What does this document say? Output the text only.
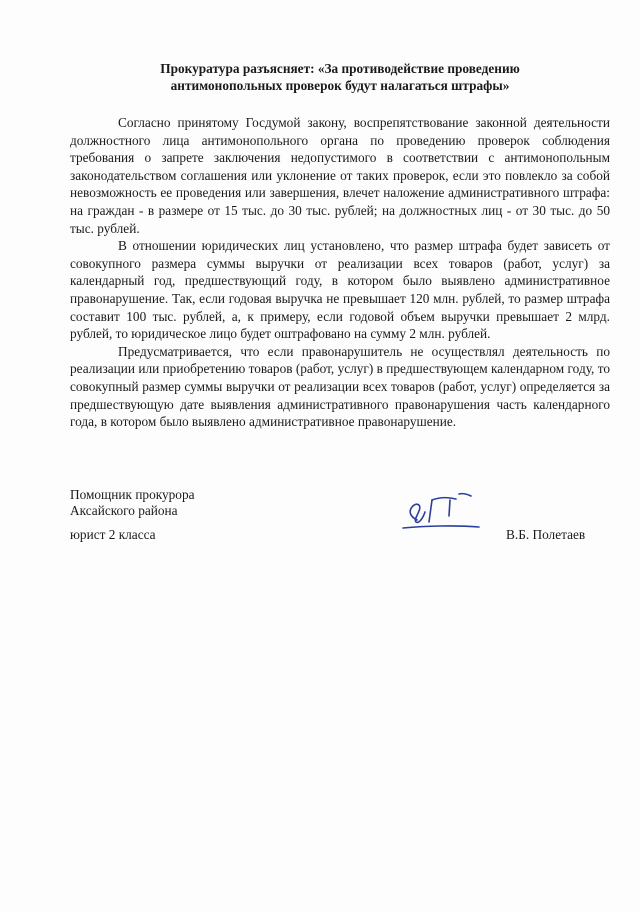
Прокуратура разъясняет: «За противодействие проведению
антимонопольных проверок будут налагаться штрафы»

Согласно принятому Госдумой закону, воспрепятствование законной деятельности должностного лица антимонопольного органа по проведению проверок соблюдения требования о запрете заключения недопустимого в соответствии с антимонопольным законодательством соглашения или уклонение от таких проверок, если это повлекло за собой невозможность ее проведения или завершения, влечет наложение административного штрафа: на граждан - в размере от 15 тыс. до 30 тыс. рублей; на должностных лиц - от 30 тыс. до 50 тыс. рублей.

В отношении юридических лиц установлено, что размер штрафа будет зависеть от совокупного размера суммы выручки от реализации всех товаров (работ, услуг) за календарный год, предшествующий году, в котором было выявлено административное правонарушение. Так, если годовая выручка не превышает 120 млн. рублей, то размер штрафа составит 100 тыс. рублей, а, к примеру, если годовой объем выручки превышает 2 млрд. рублей, то юридическое лицо будет оштрафовано на сумму 2 млн. рублей.

Предусматривается, что если правонарушитель не осуществлял деятельность по реализации или приобретению товаров (работ, услуг) в предшествующем календарном году, то совокупный размер суммы выручки от реализации всех товаров (работ, услуг) определяется за предшествующую дате выявления административного правонарушения часть календарного года, в котором было выявлено административное правонарушение.

Помощник прокурора
Аксайского района
юрист 2 класса	В.Б. Полетаев
